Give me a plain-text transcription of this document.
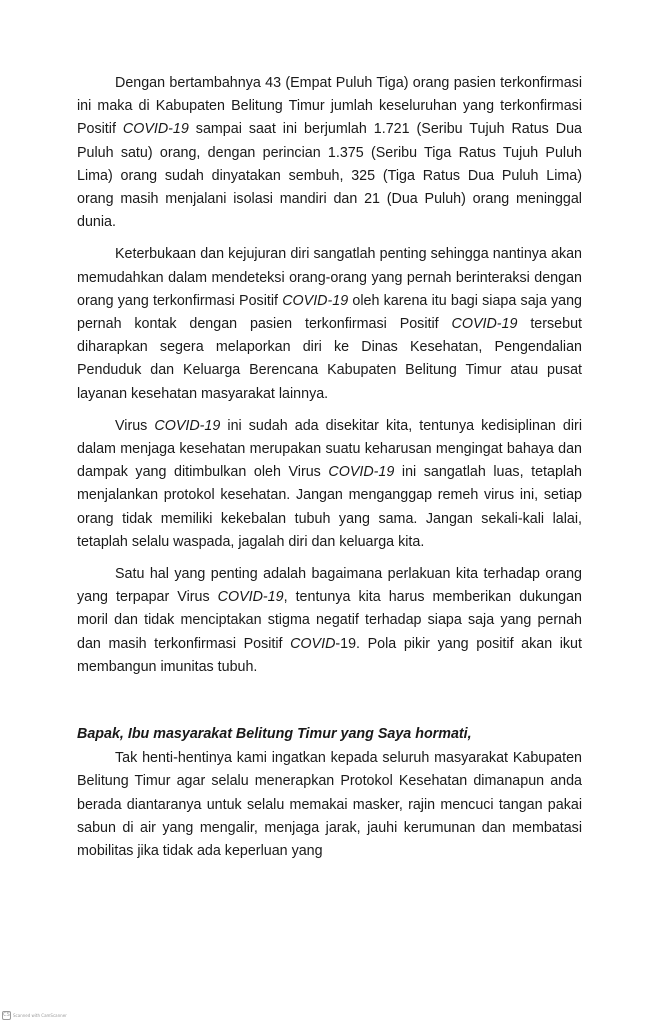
Dengan bertambahnya 43 (Empat Puluh Tiga) orang pasien terkonfirmasi ini maka di Kabupaten Belitung Timur jumlah keseluruhan yang terkonfirmasi Positif COVID-19 sampai saat ini berjumlah 1.721 (Seribu Tujuh Ratus Dua Puluh satu) orang, dengan perincian 1.375 (Seribu Tiga Ratus Tujuh Puluh Lima) orang sudah dinyatakan sembuh, 325 (Tiga Ratus Dua Puluh Lima) orang masih menjalani isolasi mandiri dan 21 (Dua Puluh) orang meninggal dunia.

Keterbukaan dan kejujuran diri sangatlah penting sehingga nantinya akan memudahkan dalam mendeteksi orang-orang yang pernah berinteraksi dengan orang yang terkonfirmasi Positif COVID-19 oleh karena itu bagi siapa saja yang pernah kontak dengan pasien terkonfirmasi Positif COVID-19 tersebut diharapkan segera melaporkan diri ke Dinas Kesehatan, Pengendalian Penduduk dan Keluarga Berencana Kabupaten Belitung Timur atau pusat layanan kesehatan masyarakat lainnya.

Virus COVID-19 ini sudah ada disekitar kita, tentunya kedisiplinan diri dalam menjaga kesehatan merupakan suatu keharusan mengingat bahaya dan dampak yang ditimbulkan oleh Virus COVID-19 ini sangatlah luas, tetaplah menjalankan protokol kesehatan. Jangan menganggap remeh virus ini, setiap orang tidak memiliki kekebalan tubuh yang sama. Jangan sekali-kali lalai, tetaplah selalu waspada, jagalah diri dan keluarga kita.

Satu hal yang penting adalah bagaimana perlakuan kita terhadap orang yang terpapar Virus COVID-19, tentunya kita harus memberikan dukungan moril dan tidak menciptakan stigma negatif terhadap siapa saja yang pernah dan masih terkonfirmasi Positif COVID-19. Pola pikir yang positif akan ikut membangun imunitas tubuh.

Bapak, Ibu masyarakat Belitung Timur yang Saya hormati,

Tak henti-hentinya kami ingatkan kepada seluruh masyarakat Kabupaten Belitung Timur agar selalu menerapkan Protokol Kesehatan dimanapun anda berada diantaranya untuk selalu memakai masker, rajin mencuci tangan pakai sabun di air yang mengalir, menjaga jarak, jauhi kerumunan dan membatasi mobilitas jika tidak ada keperluan yang

CS Scanned with CamScanner
